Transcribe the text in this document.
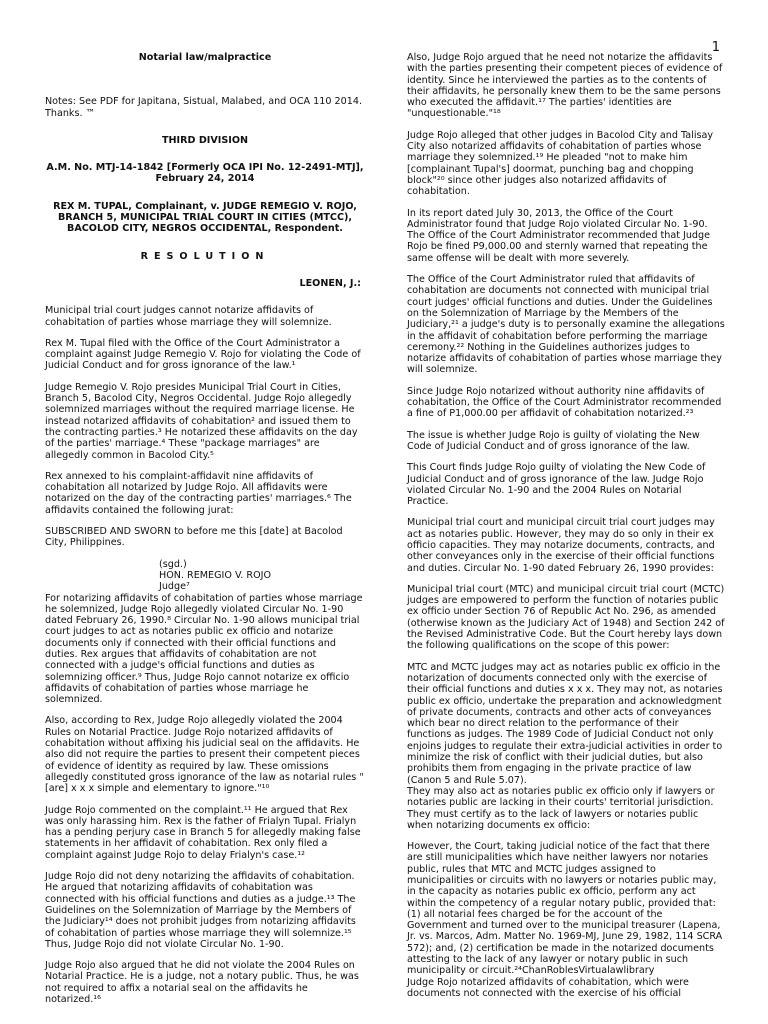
1

Notarial law/malpractice

Notes: See PDF for Japitana, Sistual, Malabed, and OCA 110 2014. Thanks. ™

THIRD DIVISION

A.M. No. MTJ-14-1842 [Formerly OCA IPI No. 12-2491-MTJ], February 24, 2014

REX M. TUPAL, Complainant, v. JUDGE REMEGIO V. ROJO, BRANCH 5, MUNICIPAL TRIAL COURT IN CITIES (MTCC), BACOLOD CITY, NEGROS OCCIDENTAL, Respondent.

RESOLUTION

LEONEN, J.:

Municipal trial court judges cannot notarize affidavits of cohabitation of parties whose marriage they will solemnize.

Rex M. Tupal filed with the Office of the Court Administrator a complaint against Judge Remegio V. Rojo for violating the Code of Judicial Conduct and for gross ignorance of the law.¹

Judge Remegio V. Rojo presides Municipal Trial Court in Cities, Branch 5, Bacolod City, Negros Occidental. Judge Rojo allegedly solemnized marriages without the required marriage license. He instead notarized affidavits of cohabitation² and issued them to the contracting parties.³ He notarized these affidavits on the day of the parties' marriage.⁴ These "package marriages" are allegedly common in Bacolod City.⁵

Rex annexed to his complaint-affidavit nine affidavits of cohabitation all notarized by Judge Rojo. All affidavits were notarized on the day of the contracting parties' marriages.⁶ The affidavits contained the following jurat:

SUBSCRIBED AND SWORN to before me this [date] at Bacolod City, Philippines.

(sgd.)

HON. REMEGIO V. ROJO

Judge⁷

For notarizing affidavits of cohabitation of parties whose marriage he solemnized, Judge Rojo allegedly violated Circular No. 1-90 dated February 26, 1990.⁸ Circular No. 1-90 allows municipal trial court judges to act as notaries public ex officio and notarize documents only if connected with their official functions and duties. Rex argues that affidavits of cohabitation are not connected with a judge's official functions and duties as solemnizing officer.⁹ Thus, Judge Rojo cannot notarize ex officio affidavits of cohabitation of parties whose marriage he solemnized.

Also, according to Rex, Judge Rojo allegedly violated the 2004 Rules on Notarial Practice. Judge Rojo notarized affidavits of cohabitation without affixing his judicial seal on the affidavits. He also did not require the parties to present their competent pieces of evidence of identity as required by law. These omissions allegedly constituted gross ignorance of the law as notarial rules "[are] x x x simple and elementary to ignore."¹⁰

Judge Rojo commented on the complaint.¹¹ He argued that Rex was only harassing him. Rex is the father of Frialyn Tupal. Frialyn has a pending perjury case in Branch 5 for allegedly making false statements in her affidavit of cohabitation. Rex only filed a complaint against Judge Rojo to delay Frialyn's case.¹²

Judge Rojo did not deny notarizing the affidavits of cohabitation. He argued that notarizing affidavits of cohabitation was connected with his official functions and duties as a judge.¹³ The Guidelines on the Solemnization of Marriage by the Members of the Judiciary¹⁴ does not prohibit judges from notarizing affidavits of cohabitation of parties whose marriage they will solemnize.¹⁵ Thus, Judge Rojo did not violate Circular No. 1-90.

Judge Rojo also argued that he did not violate the 2004 Rules on Notarial Practice. He is a judge, not a notary public. Thus, he was not required to affix a notarial seal on the affidavits he notarized.¹⁶

Also, Judge Rojo argued that he need not notarize the affidavits with the parties presenting their competent pieces of evidence of identity. Since he interviewed the parties as to the contents of their affidavits, he personally knew them to be the same persons who executed the affidavit.¹⁷ The parties' identities are "unquestionable."¹⁸

Judge Rojo alleged that other judges in Bacolod City and Talisay City also notarized affidavits of cohabitation of parties whose marriage they solemnized.¹⁹ He pleaded "not to make him [complainant Tupal's] doormat, punching bag and chopping block"²⁰ since other judges also notarized affidavits of cohabitation.

In its report dated July 30, 2013, the Office of the Court Administrator found that Judge Rojo violated Circular No. 1-90. The Office of the Court Administrator recommended that Judge Rojo be fined P9,000.00 and sternly warned that repeating the same offense will be dealt with more severely.

The Office of the Court Administrator ruled that affidavits of cohabitation are documents not connected with municipal trial court judges' official functions and duties. Under the Guidelines on the Solemnization of Marriage by the Members of the Judiciary,²¹ a judge's duty is to personally examine the allegations in the affidavit of cohabitation before performing the marriage ceremony.²² Nothing in the Guidelines authorizes judges to notarize affidavits of cohabitation of parties whose marriage they will solemnize.

Since Judge Rojo notarized without authority nine affidavits of cohabitation, the Office of the Court Administrator recommended a fine of P1,000.00 per affidavit of cohabitation notarized.²³

The issue is whether Judge Rojo is guilty of violating the New Code of Judicial Conduct and of gross ignorance of the law.

This Court finds Judge Rojo guilty of violating the New Code of Judicial Conduct and of gross ignorance of the law. Judge Rojo violated Circular No. 1-90 and the 2004 Rules on Notarial Practice.

Municipal trial court and municipal circuit trial court judges may act as notaries public. However, they may do so only in their ex officio capacities. They may notarize documents, contracts, and other conveyances only in the exercise of their official functions and duties. Circular No. 1-90 dated February 26, 1990 provides:

Municipal trial court (MTC) and municipal circuit trial court (MCTC) judges are empowered to perform the function of notaries public ex officio under Section 76 of Republic Act No. 296, as amended (otherwise known as the Judiciary Act of 1948) and Section 242 of the Revised Administrative Code. But the Court hereby lays down the following qualifications on the scope of this power:

MTC and MCTC judges may act as notaries public ex officio in the notarization of documents connected only with the exercise of their official functions and duties x x x. They may not, as notaries public ex officio, undertake the preparation and acknowledgment of private documents, contracts and other acts of conveyances which bear no direct relation to the performance of their functions as judges. The 1989 Code of Judicial Conduct not only enjoins judges to regulate their extra-judicial activities in order to minimize the risk of conflict with their judicial duties, but also prohibits them from engaging in the private practice of law (Canon 5 and Rule 5.07).

They may also act as notaries public ex officio only if lawyers or notaries public are lacking in their courts' territorial jurisdiction. They must certify as to the lack of lawyers or notaries public when notarizing documents ex officio:

However, the Court, taking judicial notice of the fact that there are still municipalities which have neither lawyers nor notaries public, rules that MTC and MCTC judges assigned to municipalities or circuits with no lawyers or notaries public may, in the capacity as notaries public ex officio, perform any act within the competency of a regular notary public, provided that: (1) all notarial fees charged be for the account of the Government and turned over to the municipal treasurer (Lapena, Jr. vs. Marcos, Adm. Matter No. 1969-MJ, June 29, 1982, 114 SCRA 572); and, (2) certification be made in the notarized documents attesting to the lack of any lawyer or notary public in such municipality or circuit.²⁴ChanRoblesVirtualawlibrary

Judge Rojo notarized affidavits of cohabitation, which were documents not connected with the exercise of his official
